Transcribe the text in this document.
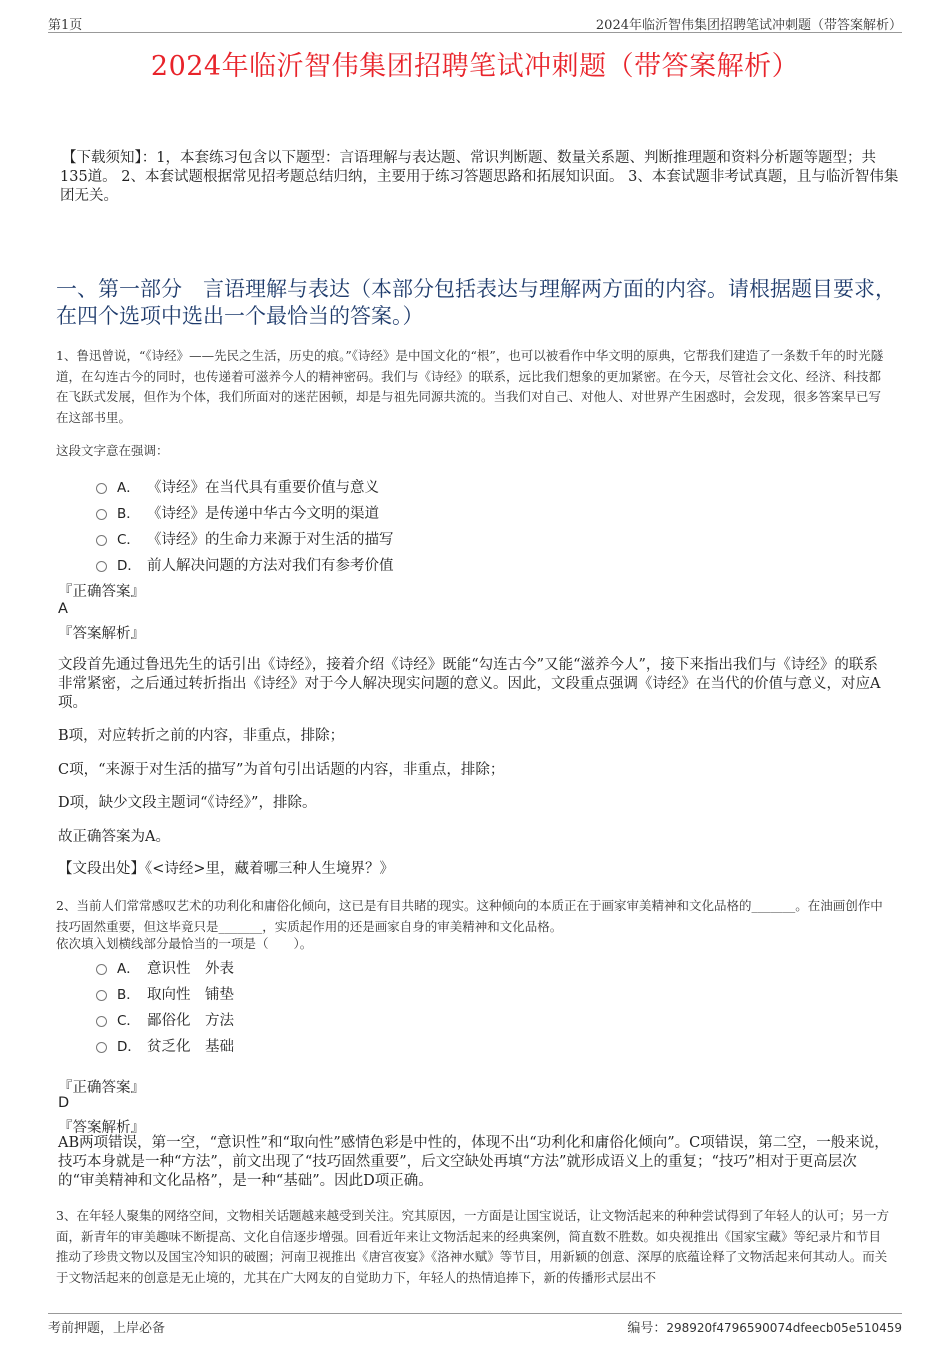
第1页	2024年临沂智伟集团招聘笔试冲刺题（带答案解析）
2024年临沂智伟集团招聘笔试冲刺题（带答案解析）
【下载须知】：1，本套练习包含以下题型：言语理解与表达题、常识判断题、数量关系题、判断推理题和资料分析题等题型；共135道。 2、本套试题根据常见招考题总结归纳，主要用于练习答题思路和拓展知识面。 3、本套试题非考试真题，且与临沂智伟集团无关。
一、第一部分　言语理解与表达（本部分包括表达与理解两方面的内容。请根据题目要求，在四个选项中选出一个最恰当的答案。）
1、鲁迅曾说，“《诗经》——先民之生活，历史的痕。”《诗经》是中国文化的“根”，也可以被看作中华文明的原典，它帮我们建造了一条数千年的时光隧道，在勾连古今的同时，也传递着可滋养今人的精神密码。我们与《诗经》的联系，远比我们想象的更加紧密。在今天，尽管社会文化、经济、科技都在飞跃式发展，但作为个体，我们所面对的迷茫困顿，却是与祖先同源共流的。当我们对自己、对他人、对世界产生困惑时，会发现，很多答案早已写在这部书里。
这段文字意在强调：
A． 《诗经》在当代具有重要价值与意义
B． 《诗经》是传递中华古今文明的渠道
C． 《诗经》的生命力来源于对生活的描写
D． 前人解决问题的方法对我们有参考价值
『正确答案』
A
『答案解析』
文段首先通过鲁迅先生的话引出《诗经》，接着介绍《诗经》既能“勾连古今”又能“滋养今人”，接下来指出我们与《诗经》的联系非常紧密，之后通过转折指出《诗经》对于今人解决现实问题的意义。因此，文段重点强调《诗经》在当代的价值与意义，对应A项。
B项，对应转折之前的内容，非重点，排除；
C项，“来源于对生活的描写”为首句引出话题的内容，非重点，排除；
D项，缺少文段主题词“《诗经》”，排除。
故正确答案为A。
【文段出处】《<诗经>里，藏着哪三种人生境界？》
2、当前人们常常感叹艺术的功利化和庸俗化倾向，这已是有目共睹的现实。这种倾向的本质正在于画家审美精神和文化品格的_______。在油画创作中技巧固然重要，但这毕竟只是_______，实质起作用的还是画家自身的审美精神和文化品格。
依次填入划横线部分最恰当的一项是（　　）。
A． 意识性　外表
B． 取向性　铺垫
C． 鄙俗化　方法
D． 贫乏化　基础
『正确答案』
D
『答案解析』
AB两项错误，第一空，“意识性”和“取向性”感情色彩是中性的，体现不出“功利化和庸俗化倾向”。C项错误，第二空，一般来说，技巧本身就是一种“方法”，前文出现了“技巧固然重要”，后文空缺处再填“方法”就形成语义上的重复；“技巧”相对于更高层次的“审美精神和文化品格”，是一种“基础”。因此D项正确。
3、在年轻人聚集的网络空间，文物相关话题越来越受到关注。究其原因，一方面是让国宝说话，让文物活起来的种种尝试得到了年轻人的认可；另一方面，新青年的审美趣味不断提高、文化自信逐步增强。回看近年来让文物活起来的经典案例，简直数不胜数。如央视推出《国家宝藏》等纪录片和节目推动了珍贵文物以及国宝冷知识的破圈；河南卫视推出《唐宫夜宴》《洛神水赋》等节目，用新颖的创意、深厚的底蕴诠释了文物活起来何其动人。而关于文物活起来的创意是无止境的，尤其在广大网友的自觉助力下，年轻人的热情追捧下，新的传播形式层出不
考前押题，上岸必备	编号：298920f4796590074dfeecb05e510459
